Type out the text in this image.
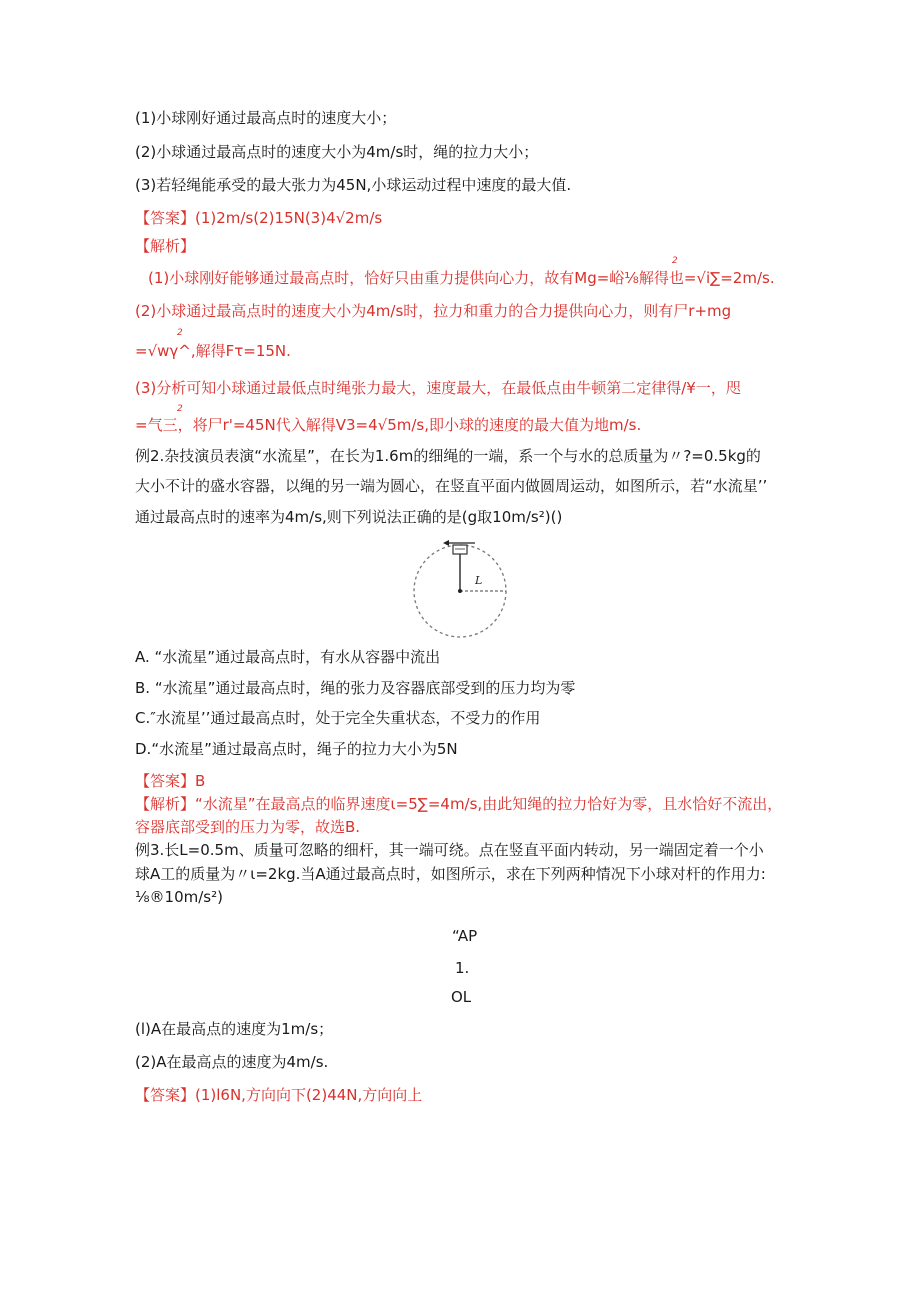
(1)小球刚好通过最高点时的速度大小；
(2)小球通过最高点时的速度大小为4m/s时，绳的拉力大小；
(3)若轻绳能承受的最大张力为45N,小球运动过程中速度的最大值.
【答案】(1)2m/s(2)15N(3)4√2m/s
【解析】
2
(1)小球刚好能够通过最高点时，恰好只由重力提供向心力，故有Mg=峪⅛解得也=√i∑=2m/s.
(2)小球通过最高点时的速度大小为4m/s时，拉力和重力的合力提供向心力，则有尸r+mg
2
=√wγ^,解得Fτ=15N.
(3)分析可知小球通过最低点时绳张力最大，速度最大，在最低点由牛顿第二定律得/¥一，咫
2
=气三，将尸r'=45N代入解得V3=4√5m/s,即小球的速度的最大值为地m/s.
例2.杂技演员表演“水流星”，在长为1.6m的细绳的一端，系一个与水的总质量为〃?=0.5kg的
大小不计的盛水容器，以绳的另一端为圆心，在竖直平面内做圆周运动，如图所示，若“水流星’’
通过最高点时的速率为4m/s,则下列说法正确的是(g取10m∕s²)()
L
A. “水流星”通过最高点时，有水从容器中流出
B. “水流星”通过最高点时，绳的张力及容器底部受到的压力均为零
C.″水流星’’通过最高点时，处于完全失重状态，不受力的作用
D.“水流星”通过最高点时，绳子的拉力大小为5N
【答案】B
【解析】“水流星”在最高点的临界速度ι=5∑=4m/s,由此知绳的拉力恰好为零，且水恰好不流出，
容器底部受到的压力为零，故选B.
例3.长L=0.5m、质量可忽略的细杆，其一端可绕。点在竖直平面内转动，另一端固定着一个小
球A工的质量为〃ι=2kg.当A通过最高点时，如图所示，求在下列两种情况下小球对杆的作用力:
⅛®10m∕s²)
“AP
1.
OL
(l)A在最高点的速度为1m/s；
(2)A在最高点的速度为4m/s.
【答案】(1)l6N,方向向下(2)44N,方向向上
